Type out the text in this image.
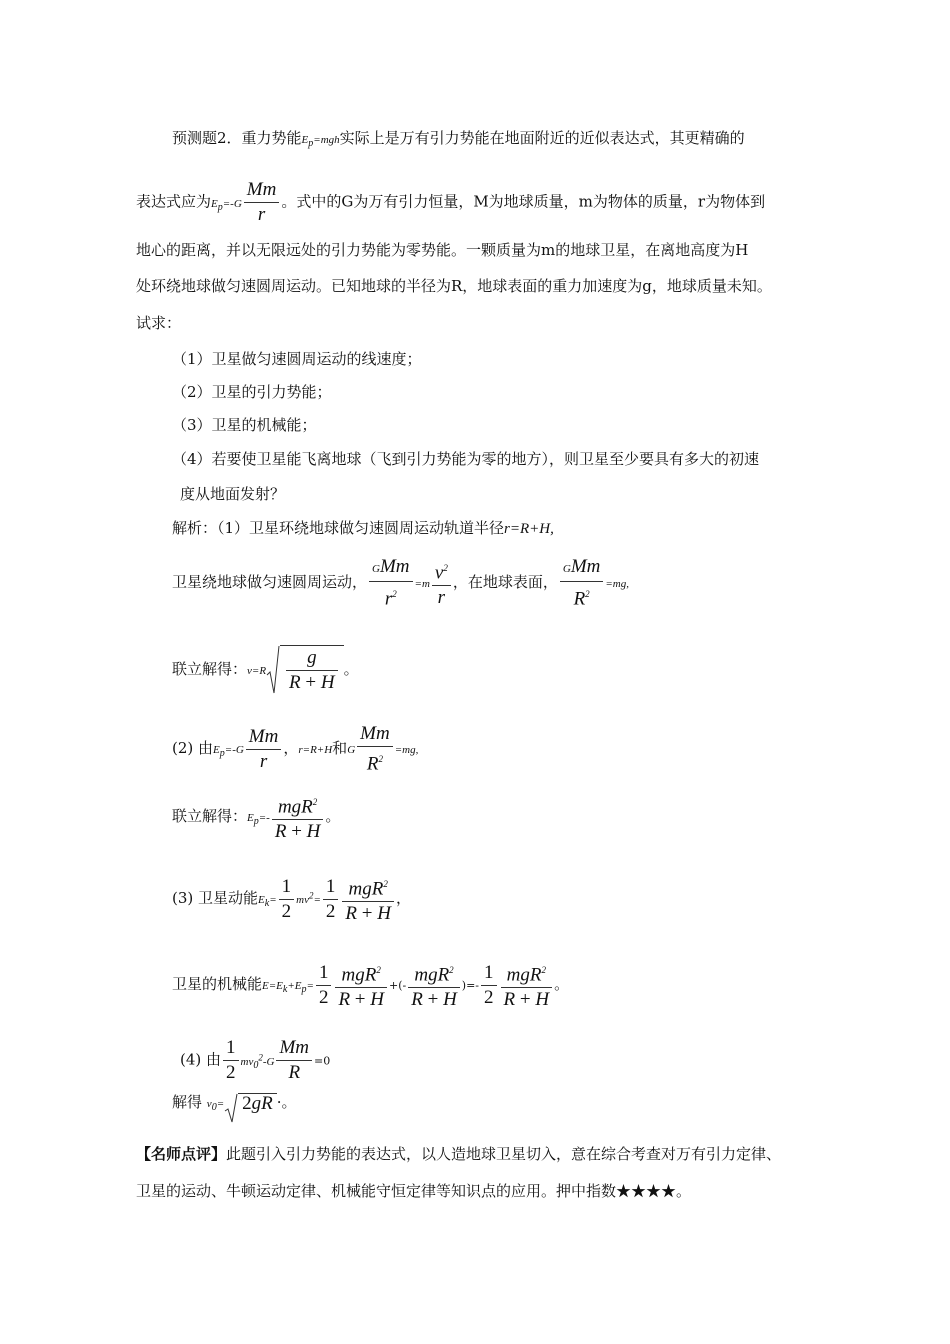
预测题2．重力势能$E_p=mgh$实际上是万有引力势能在地面附近的近似表达式，其更精确的
表达式应为$E_p=-G \frac{Mm}{r}$ 。式中的G为万有引力恒量，M为地球质量，m为物体的质量，r为物体到
地心的距离，并以无限远处的引力势能为零势能。一颗质量为m的地球卫星，在离地高度为H
处环绕地球做匀速圆周运动。已知地球的半径为R，地球表面的重力加速度为g，地球质量未知。
试求：
（1）卫星做匀速圆周运动的线速度；
（2）卫星的引力势能；
（3）卫星的机械能；
（4）若要使卫星能飞离地球（飞到引力势能为零的地方），则卫星至少要具有多大的初速
度从地面发射？
解析：（1）卫星环绕地球做匀速圆周运动轨道半径r=R+H,
卫星绕地球做匀速圆周运动， $\frac{\text{GMm}}{r^2} =m \frac{v^2}{r}$ ，在地球表面， $\frac{\text{GMm}}{R^2} =mg$,
联立解得：$v=R \frac{g}{R + H}$ 。
(2) 由$E_p=-G \frac{Mm}{r}$ ，r=R+H和G $\frac{Mm}{R^2} =mg$,
联立解得：$E_p=- \frac{mgR^2}{R + H}$ 。
(3) 卫星动能$E_k= \frac{1}{2} mv^2= \frac{1}{2} \frac{mgR^2}{R + H}$ ，
卫星的机械能$E=E_k+E_p= \frac{1}{2} \frac{mgR^2}{R + H}$ +(- $\frac{mgR^2}{R + H}$ )=- $\frac{1}{2} \frac{mgR^2}{R + H}$ 。
(4) 由 $\frac{1}{2} mv_0^2-G \frac{Mm}{R} =0$
解得 $v_0= 2gR$ ·。
【名师点评】此题引入引力势能的表达式，以人造地球卫星切入，意在综合考查对万有引力定律、
卫星的运动、牛顿运动定律、机械能守恒定律等知识点的应用。押中指数★★★★。
